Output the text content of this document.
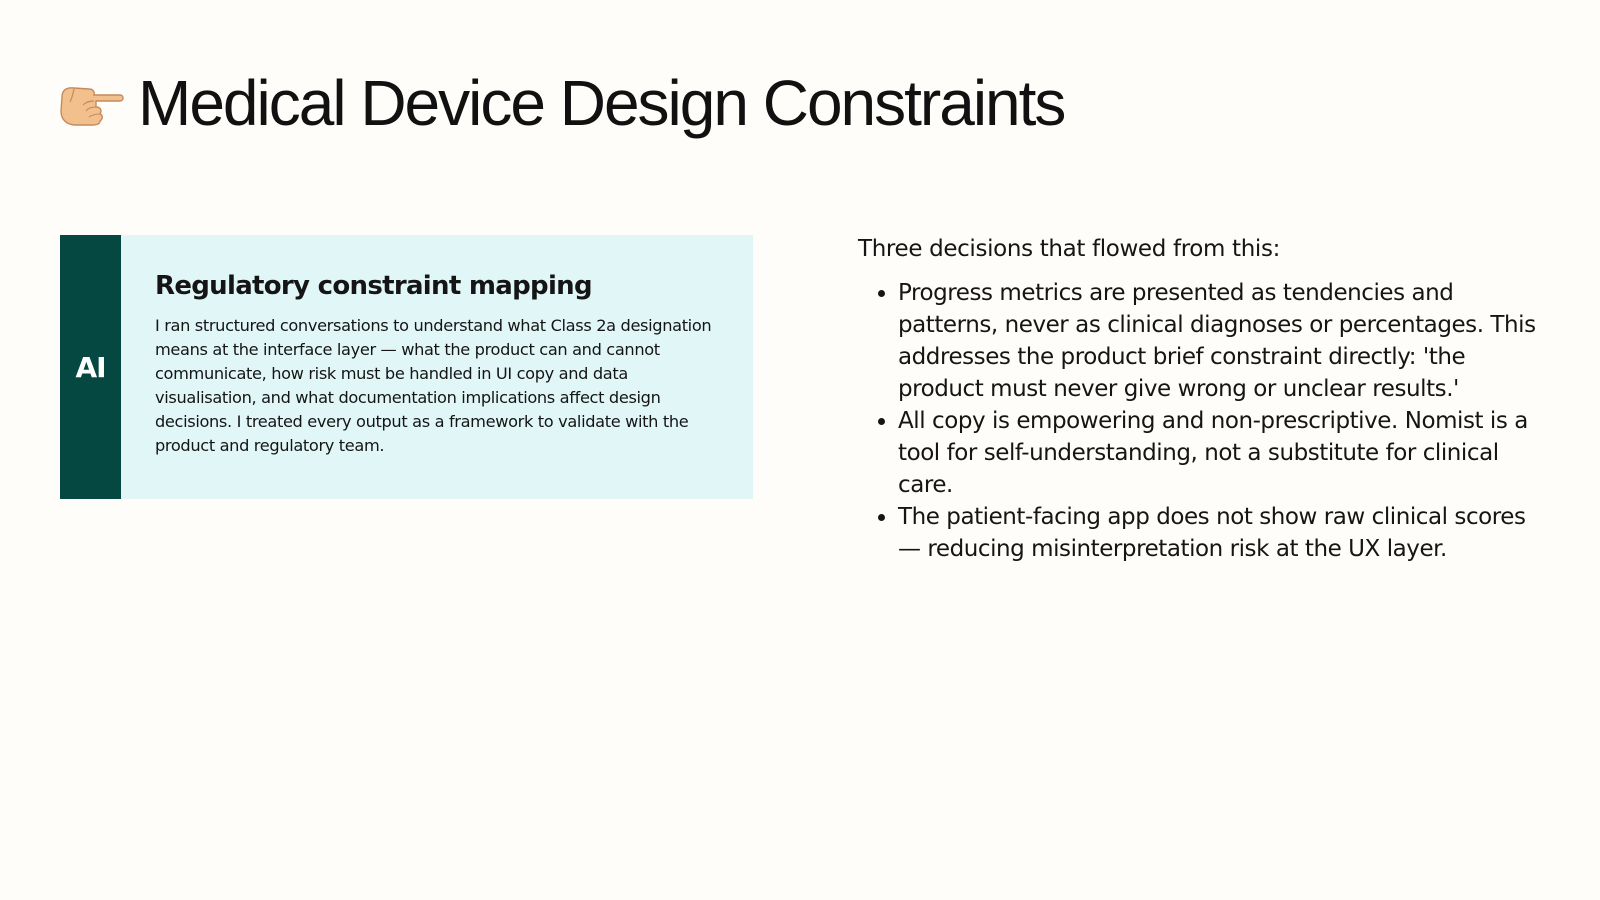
Medical Device Design Constraints
AI
Regulatory constraint mapping

I ran structured conversations to understand what Class 2a designation means at the interface layer — what the product can and cannot communicate, how risk must be handled in UI copy and data visualisation, and what documentation implications affect design decisions. I treated every output as a framework to validate with the product and regulatory team.

Three decisions that flowed from this:

• Progress metrics are presented as tendencies and patterns, never as clinical diagnoses or percentages. This addresses the product brief constraint directly: 'the product must never give wrong or unclear results.'
• All copy is empowering and non-prescriptive. Nomist is a tool for self-understanding, not a substitute for clinical care.
• The patient-facing app does not show raw clinical scores — reducing misinterpretation risk at the UX layer.
